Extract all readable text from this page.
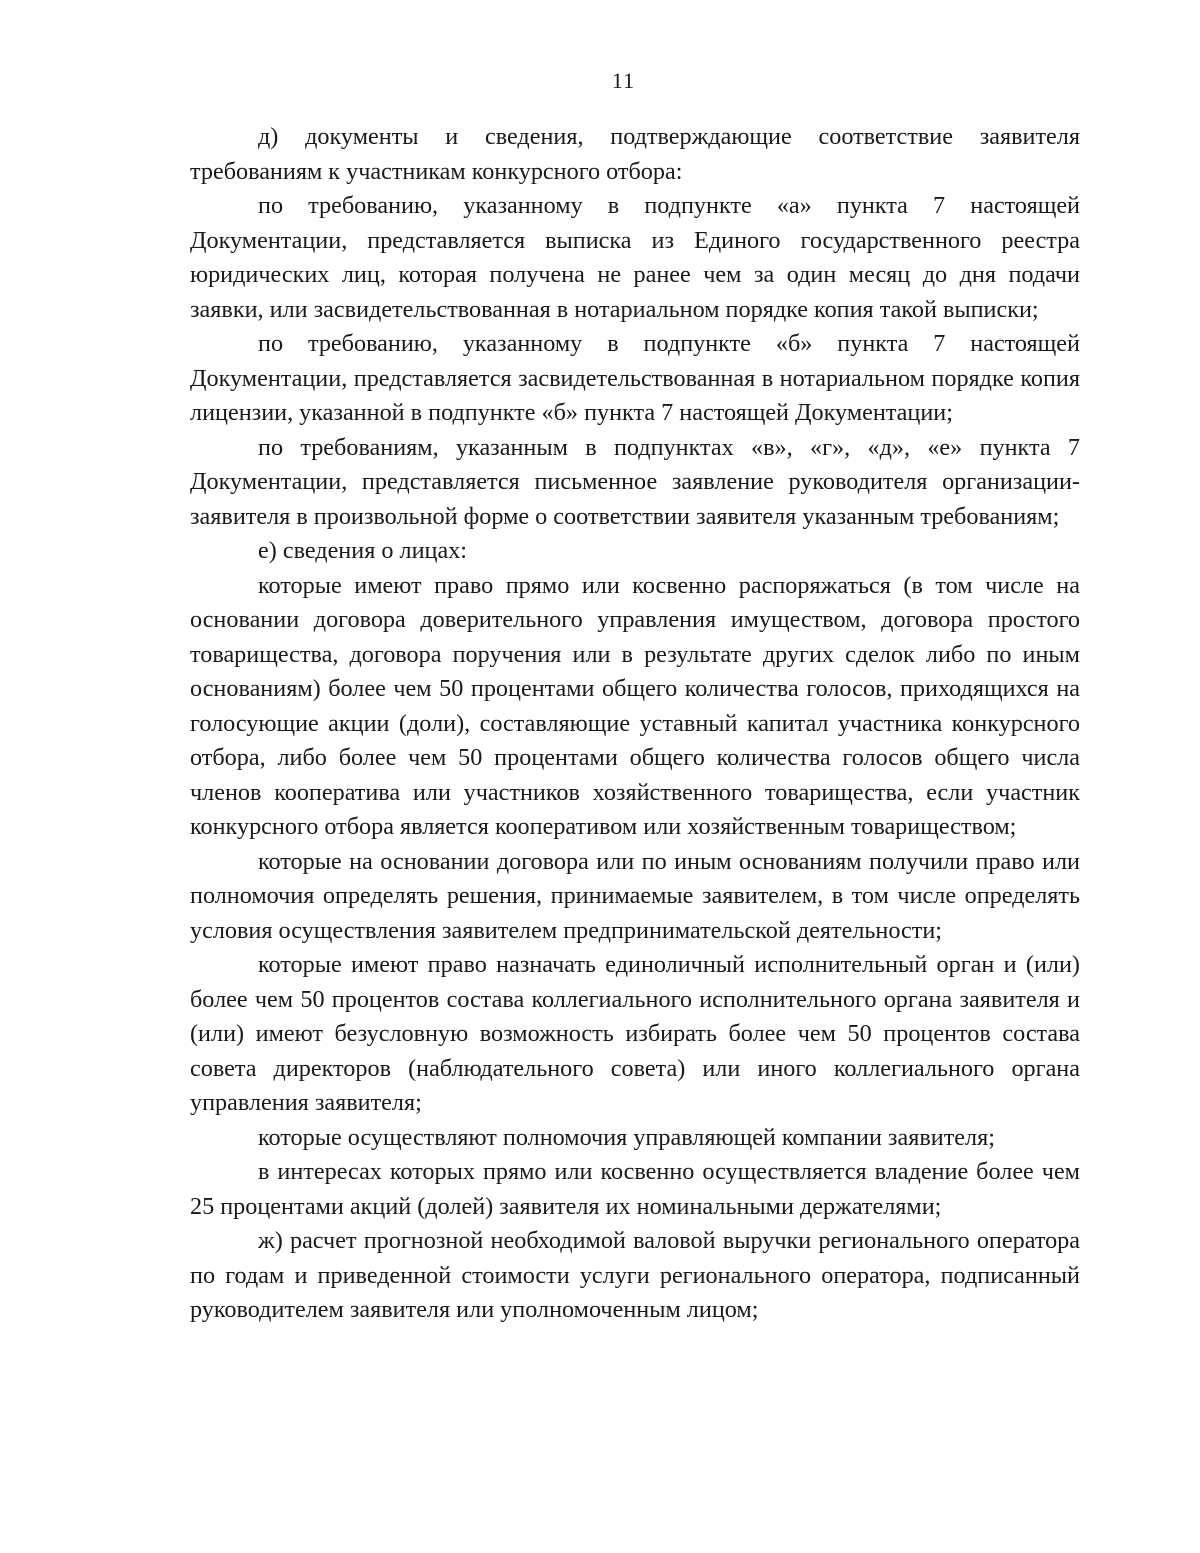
11

д) документы и сведения, подтверждающие соответствие заявителя требованиям к участникам конкурсного отбора:

по требованию, указанному в подпункте «а» пункта 7 настоящей Документации, представляется выписка из Единого государственного реестра юридических лиц, которая получена не ранее чем за один месяц до дня подачи заявки, или засвидетельствованная в нотариальном порядке копия такой выписки;

по требованию, указанному в подпункте «б» пункта 7 настоящей Документации, представляется засвидетельствованная в нотариальном порядке копия лицензии, указанной в подпункте «б» пункта 7 настоящей Документации;

по требованиям, указанным в подпунктах «в», «г», «д», «е» пункта 7 Документации, представляется письменное заявление руководителя организации-заявителя в произвольной форме о соответствии заявителя указанным требованиям;

е) сведения о лицах:

которые имеют право прямо или косвенно распоряжаться (в том числе на основании договора доверительного управления имуществом, договора простого товарищества, договора поручения или в результате других сделок либо по иным основаниям) более чем 50 процентами общего количества голосов, приходящихся на голосующие акции (доли), составляющие уставный капитал участника конкурсного отбора, либо более чем 50 процентами общего количества голосов общего числа членов кооператива или участников хозяйственного товарищества, если участник конкурсного отбора является кооперативом или хозяйственным товариществом;

которые на основании договора или по иным основаниям получили право или полномочия определять решения, принимаемые заявителем, в том числе определять условия осуществления заявителем предпринимательской деятельности;

которые имеют право назначать единоличный исполнительный орган и (или) более чем 50 процентов состава коллегиального исполнительного органа заявителя и (или) имеют безусловную возможность избирать более чем 50 процентов состава совета директоров (наблюдательного совета) или иного коллегиального органа управления заявителя;

которые осуществляют полномочия управляющей компании заявителя;

в интересах которых прямо или косвенно осуществляется владение более чем 25 процентами акций (долей) заявителя их номинальными держателями;

ж) расчет прогнозной необходимой валовой выручки регионального оператора по годам и приведенной стоимости услуги регионального оператора, подписанный руководителем заявителя или уполномоченным лицом;
